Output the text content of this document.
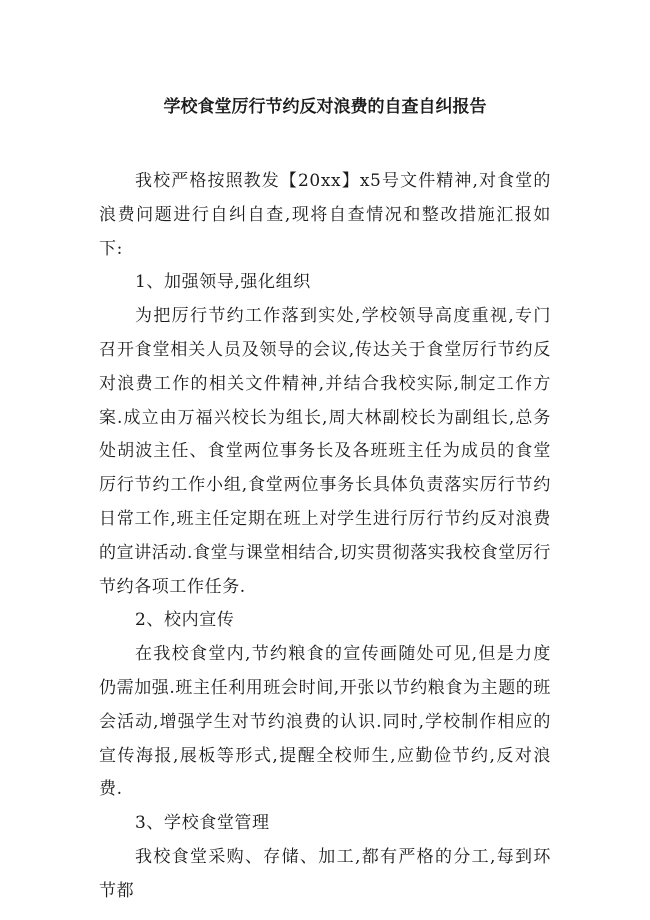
学校食堂厉行节约反对浪费的自查自纠报告

我校严格按照教发【20xx】x5号文件精神,对食堂的浪费问题进行自纠自查,现将自查情况和整改措施汇报如下:

1、加强领导,强化组织

为把厉行节约工作落到实处,学校领导高度重视,专门召开食堂相关人员及领导的会议,传达关于食堂厉行节约反对浪费工作的相关文件精神,并结合我校实际,制定工作方案.成立由万福兴校长为组长,周大林副校长为副组长,总务处胡波主任、食堂两位事务长及各班班主任为成员的食堂厉行节约工作小组,食堂两位事务长具体负责落实厉行节约日常工作,班主任定期在班上对学生进行厉行节约反对浪费的宣讲活动.食堂与课堂相结合,切实贯彻落实我校食堂厉行节约各项工作任务.

2、校内宣传

在我校食堂内,节约粮食的宣传画随处可见,但是力度仍需加强.班主任利用班会时间,开张以节约粮食为主题的班会活动,增强学生对节约浪费的认识.同时,学校制作相应的宣传海报,展板等形式,提醒全校师生,应勤俭节约,反对浪费.

3、学校食堂管理

我校食堂采购、存储、加工,都有严格的分工,每到环节都
